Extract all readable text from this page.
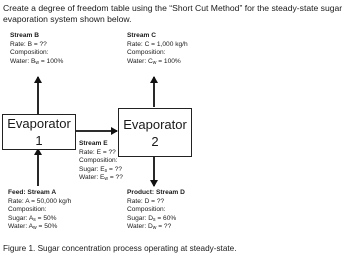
Create a degree of freedom table using the “Short Cut Method” for the steady-state sugar evaporation system shown below.
Evaporator
1
Evaporator
2
Stream B
Rate: B = ??
Composition:
Water: $B_w = 100\%$
Stream C
Rate: C = 1,000 kg/h
Composition:
Water: $C_w = 100\%$
Stream E
Rate: E = ??
Composition:
Sugar: $E_s$ = ??
Water: $E_w$ = ??
Feed: Stream A
Rate: A = 50,000 kg/h
Composition:
Sugar: $A_s = 50\%$
Water: $A_w = 50\%$
Product: Stream D
Rate: D = ??
Composition:
Sugar: $D_s = 60\%$
Water: $D_w$ = ??
Figure 1. Sugar concentration process operating at steady-state.
